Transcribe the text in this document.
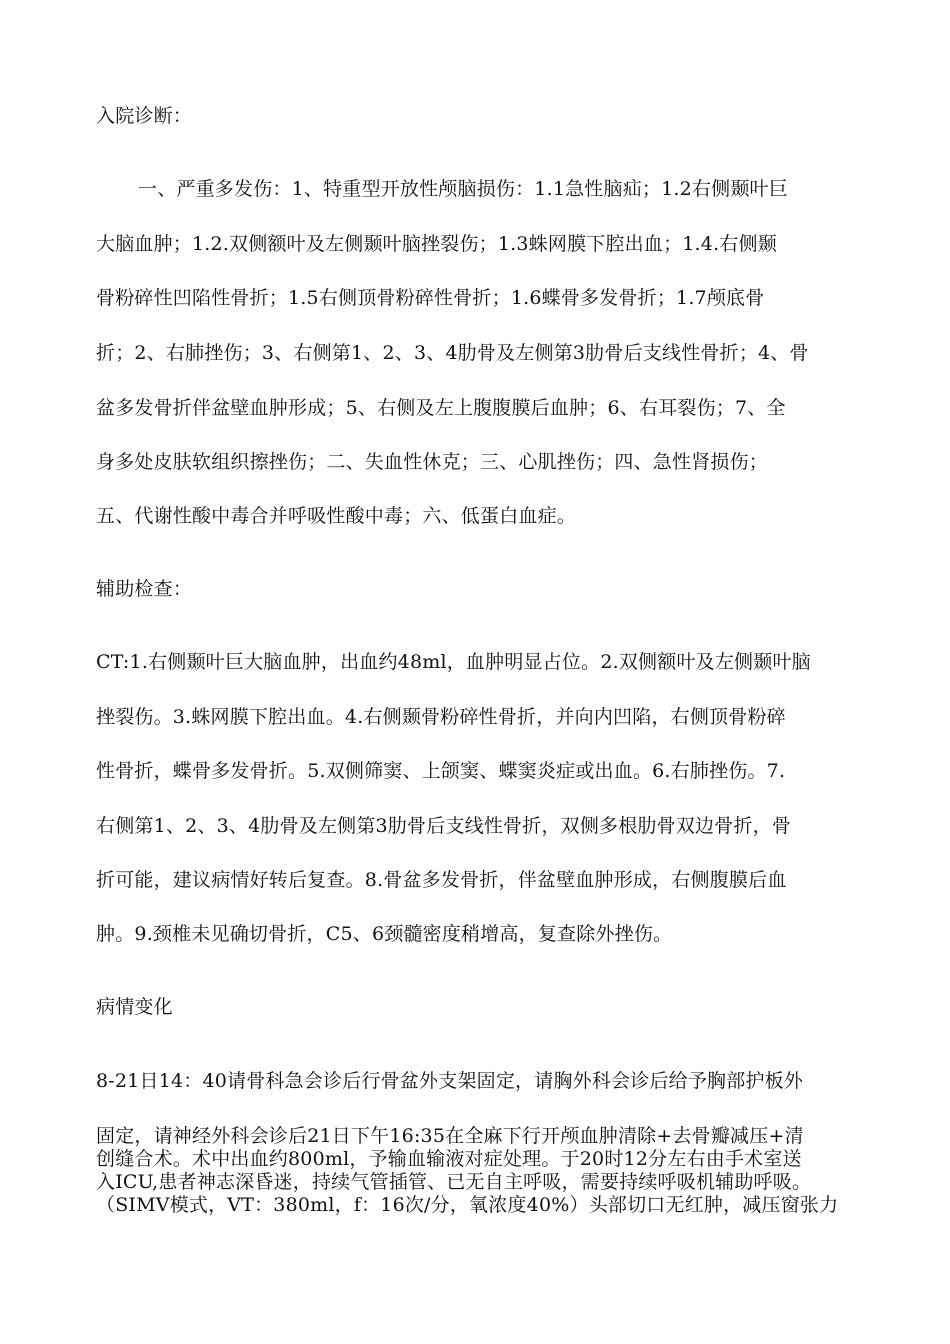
入院诊断：
一、严重多发伤：1、特重型开放性颅脑损伤：1.1急性脑疝；1.2右侧颞叶巨
大脑血肿；1.2.双侧额叶及左侧颞叶脑挫裂伤；1.3蛛网膜下腔出血；1.4.右侧颞
骨粉碎性凹陷性骨折；1.5右侧顶骨粉碎性骨折；1.6蝶骨多发骨折；1.7颅底骨
折；2、右肺挫伤；3、右侧第1、2、3、4肋骨及左侧第3肋骨后支线性骨折；4、骨
盆多发骨折伴盆壁血肿形成；5、右侧及左上腹腹膜后血肿；6、右耳裂伤；7、全
身多处皮肤软组织擦挫伤；二、失血性休克；三、心肌挫伤；四、急性肾损伤；
五、代谢性酸中毒合并呼吸性酸中毒；六、低蛋白血症。
辅助检查：
CT:1.右侧颞叶巨大脑血肿，出血约48ml，血肿明显占位。2.双侧额叶及左侧颞叶脑
挫裂伤。3.蛛网膜下腔出血。4.右侧颞骨粉碎性骨折，并向内凹陷，右侧顶骨粉碎
性骨折，蝶骨多发骨折。5.双侧筛窦、上颌窦、蝶窦炎症或出血。6.右肺挫伤。7.
右侧第1、2、3、4肋骨及左侧第3肋骨后支线性骨折，双侧多根肋骨双边骨折，骨
折可能，建议病情好转后复查。8.骨盆多发骨折，伴盆壁血肿形成，右侧腹膜后血
肿。9.颈椎未见确切骨折，C5、6颈髓密度稍增高，复查除外挫伤。
病情变化
8-21日14：40请骨科急会诊后行骨盆外支架固定，请胸外科会诊后给予胸部护板外
固定，请神经外科会诊后21日下午16:35在全麻下行开颅血肿清除+去骨瓣减压+清
创缝合术。术中出血约800ml，予输血输液对症处理。于20时12分左右由手术室送
入ICU,患者神志深昏迷，持续气管插管、已无自主呼吸，需要持续呼吸机辅助呼吸。
（SIMV模式，VT：380ml，f：16次/分，氧浓度40%）头部切口无红肿，减压窗张力
